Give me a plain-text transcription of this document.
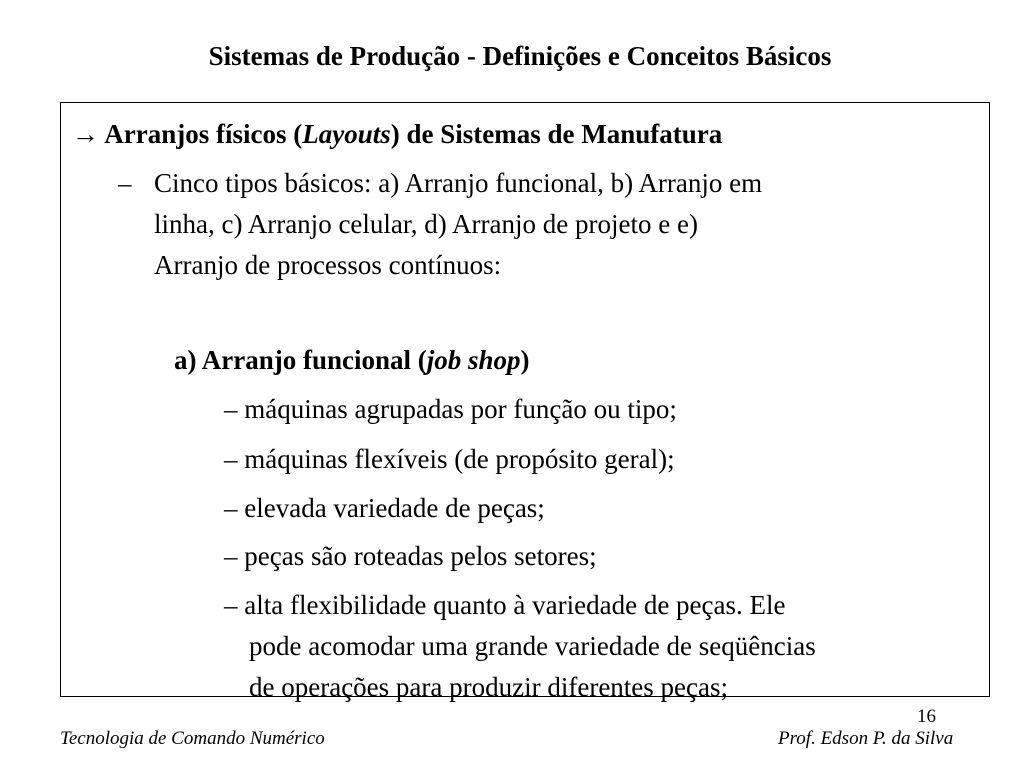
Sistemas de Produção - Definições e Conceitos Básicos
→ Arranjos físicos (Layouts) de Sistemas de Manufatura
– Cinco tipos básicos: a) Arranjo funcional, b) Arranjo em
linha, c) Arranjo celular, d) Arranjo de projeto e e)
Arranjo de processos contínuos:
a) Arranjo funcional (job shop)
– máquinas agrupadas por função ou tipo;
– máquinas flexíveis (de propósito geral);
– elevada variedade de peças;
– peças são roteadas pelos setores;
– alta flexibilidade quanto à variedade de peças. Ele
pode acomodar uma grande variedade de seqüências
de operações para produzir diferentes peças;
16
Tecnologia de Comando Numérico	Prof. Edson P. da Silva
